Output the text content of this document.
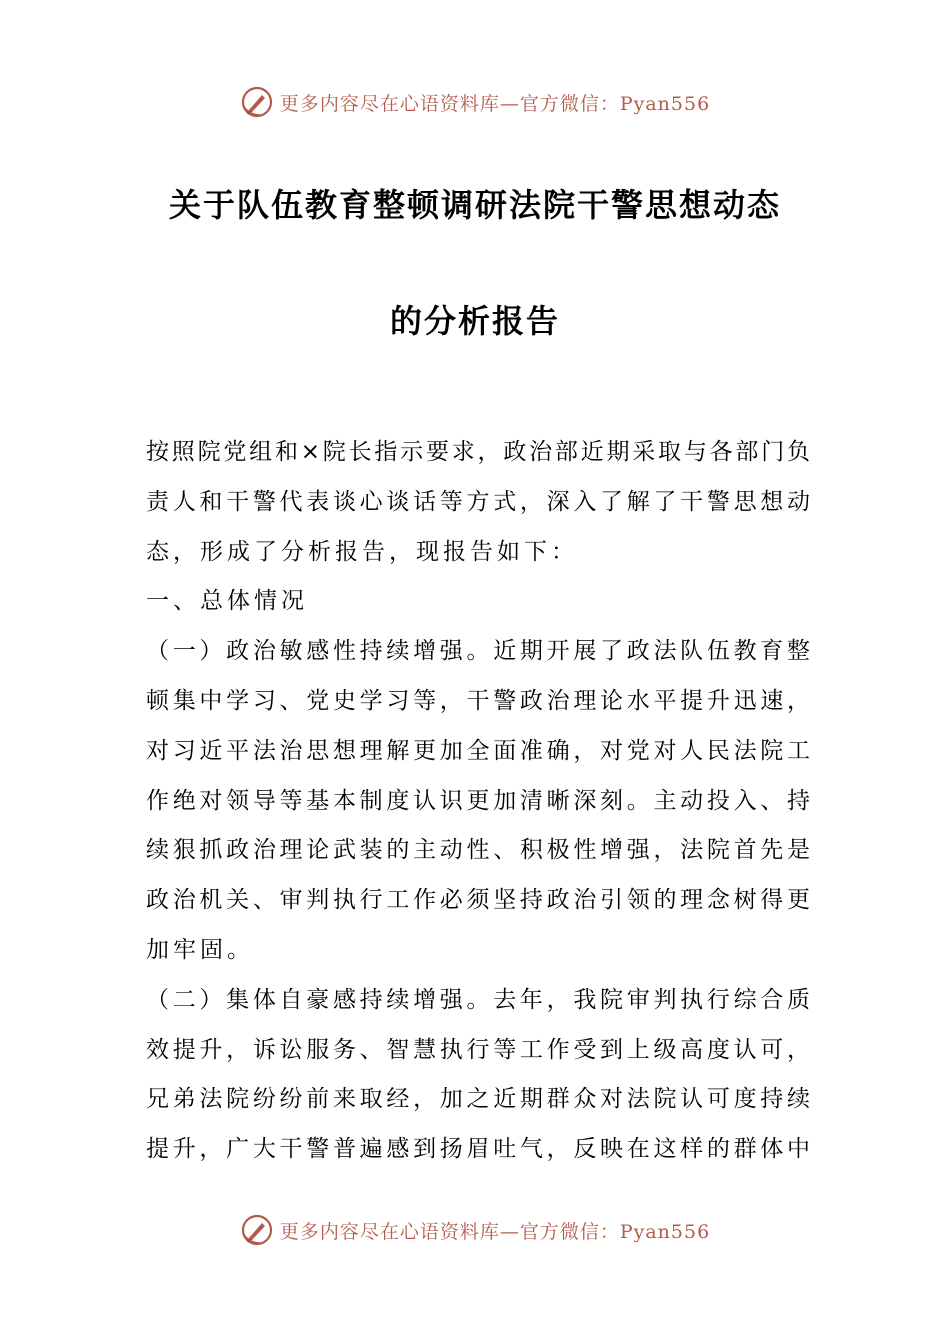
更多内容尽在心语资料库—官方微信：Pyan556
关于队伍教育整顿调研法院干警思想动态
的分析报告
按照院党组和×院长指示要求，政治部近期采取与各部门负
责人和干警代表谈心谈话等方式，深入了解了干警思想动
态，形成了分析报告，现报告如下：
一、总体情况
（一）政治敏感性持续增强。近期开展了政法队伍教育整
顿集中学习、党史学习等，干警政治理论水平提升迅速，
对习近平法治思想理解更加全面准确，对党对人民法院工
作绝对领导等基本制度认识更加清晰深刻。主动投入、持
续狠抓政治理论武装的主动性、积极性增强，法院首先是
政治机关、审判执行工作必须坚持政治引领的理念树得更
加牢固。
（二）集体自豪感持续增强。去年，我院审判执行综合质
效提升，诉讼服务、智慧执行等工作受到上级高度认可，
兄弟法院纷纷前来取经，加之近期群众对法院认可度持续
提升，广大干警普遍感到扬眉吐气，反映在这样的群体中
更多内容尽在心语资料库—官方微信：Pyan556
